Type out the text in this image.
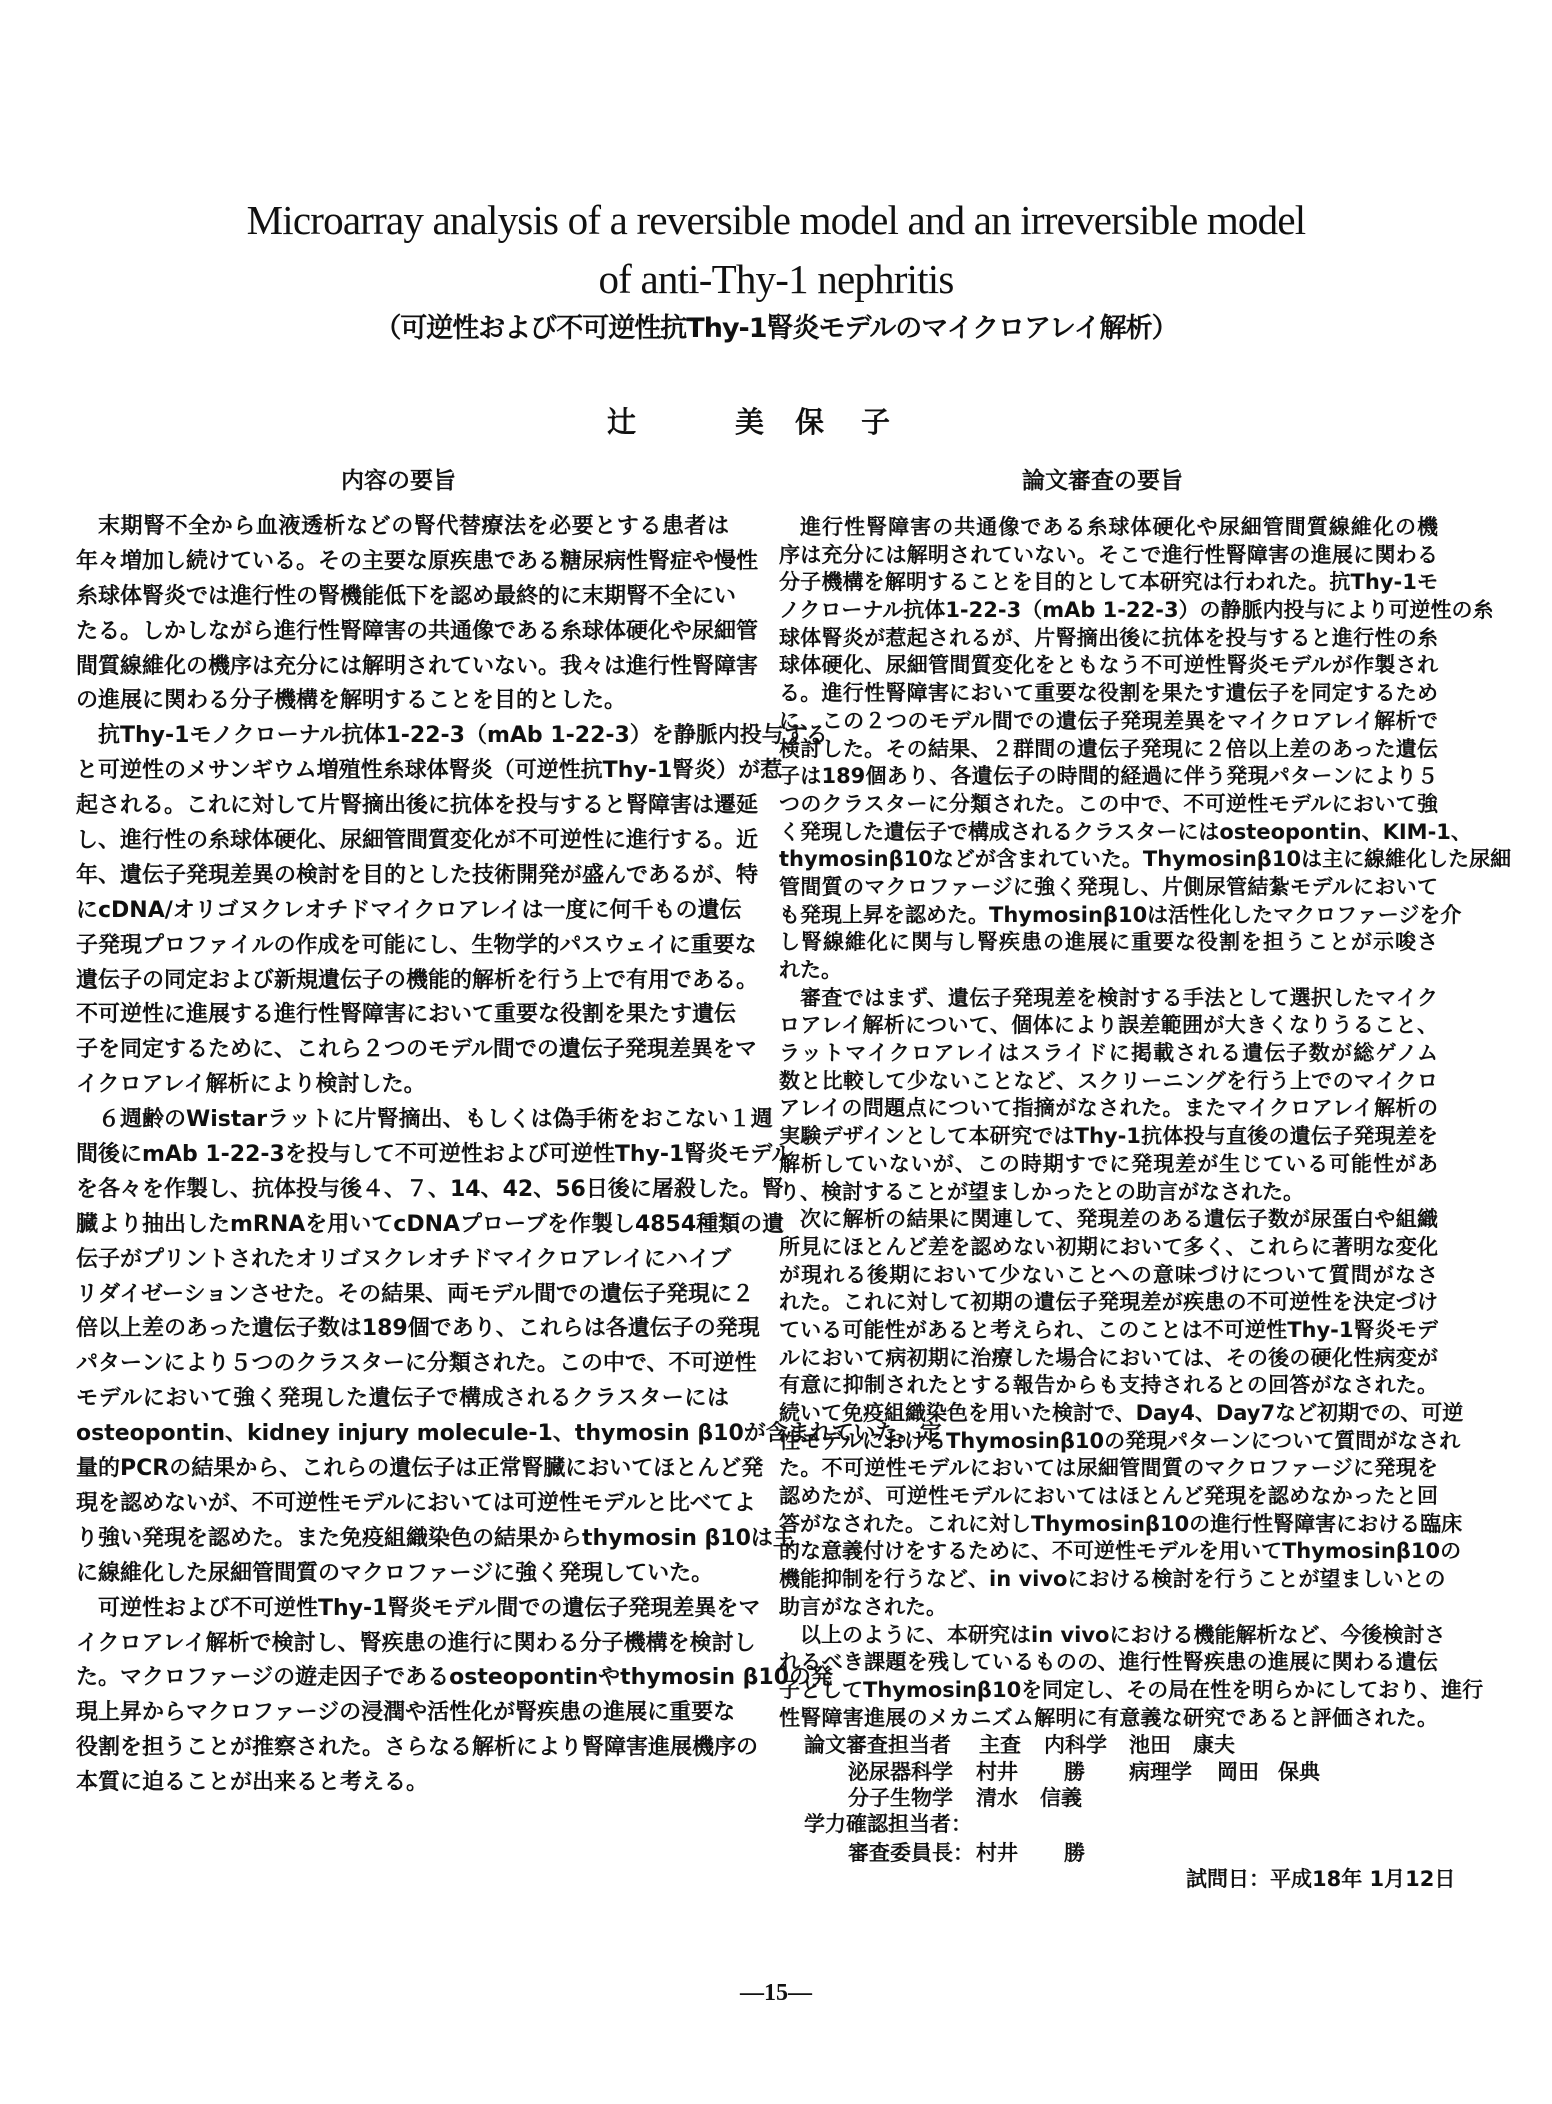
Microarray analysis of a reversible model and an irreversible model
of anti-Thy-1 nephritis
（可逆性および不可逆性抗Thy-1腎炎モデルのマイクロアレイ解析）
辻	美 保 子
内容の要旨	論文審査の要旨
末期腎不全から血液透析などの腎代替療法を必要とする患者は
年々増加し続けている。その主要な原疾患である糖尿病性腎症や慢性
糸球体腎炎では進行性の腎機能低下を認め最終的に末期腎不全にい
たる。しかしながら進行性腎障害の共通像である糸球体硬化や尿細管
間質線維化の機序は充分には解明されていない。我々は進行性腎障害
の進展に関わる分子機構を解明することを目的とした。
抗Thy-1モノクローナル抗体1-22-3（mAb 1-22-3）を静脈内投与する
と可逆性のメサンギウム増殖性糸球体腎炎（可逆性抗Thy-1腎炎）が惹
起される。これに対して片腎摘出後に抗体を投与すると腎障害は遷延
し、進行性の糸球体硬化、尿細管間質変化が不可逆性に進行する。近
年、遺伝子発現差異の検討を目的とした技術開発が盛んであるが、特
にcDNA/オリゴヌクレオチドマイクロアレイは一度に何千もの遺伝
子発現プロファイルの作成を可能にし、生物学的パスウェイに重要な
遺伝子の同定および新規遺伝子の機能的解析を行う上で有用である。
不可逆性に進展する進行性腎障害において重要な役割を果たす遺伝
子を同定するために、これら２つのモデル間での遺伝子発現差異をマ
イクロアレイ解析により検討した。
６週齢のWistarラットに片腎摘出、もしくは偽手術をおこない１週
間後にmAb 1-22-3を投与して不可逆性および可逆性Thy-1腎炎モデル
を各々を作製し、抗体投与後４、７、14、42、56日後に屠殺した。腎
臓より抽出したmRNAを用いてcDNAプローブを作製し4854種類の遺
伝子がプリントされたオリゴヌクレオチドマイクロアレイにハイブ
リダイゼーションさせた。その結果、両モデル間での遺伝子発現に２
倍以上差のあった遺伝子数は189個であり、これらは各遺伝子の発現
パターンにより５つのクラスターに分類された。この中で、不可逆性
モデルにおいて強く発現した遺伝子で構成されるクラスターには
osteopontin、kidney injury molecule-1、thymosin β10が含まれていた。定
量的PCRの結果から、これらの遺伝子は正常腎臓においてほとんど発
現を認めないが、不可逆性モデルにおいては可逆性モデルと比べてよ
り強い発現を認めた。また免疫組織染色の結果からthymosin β10は主
に線維化した尿細管間質のマクロファージに強く発現していた。
可逆性および不可逆性Thy-1腎炎モデル間での遺伝子発現差異をマ
イクロアレイ解析で検討し、腎疾患の進行に関わる分子機構を検討し
た。マクロファージの遊走因子であるosteopontinやthymosin β10の発
現上昇からマクロファージの浸潤や活性化が腎疾患の進展に重要な
役割を担うことが推察された。さらなる解析により腎障害進展機序の
本質に迫ることが出来ると考える。
進行性腎障害の共通像である糸球体硬化や尿細管間質線維化の機
序は充分には解明されていない。そこで進行性腎障害の進展に関わる
分子機構を解明することを目的として本研究は行われた。抗Thy-1モ
ノクローナル抗体1-22-3（mAb 1-22-3）の静脈内投与により可逆性の糸
球体腎炎が惹起されるが、片腎摘出後に抗体を投与すると進行性の糸
球体硬化、尿細管間質変化をともなう不可逆性腎炎モデルが作製され
る。進行性腎障害において重要な役割を果たす遺伝子を同定するため
に、この２つのモデル間での遺伝子発現差異をマイクロアレイ解析で
検討した。その結果、２群間の遺伝子発現に２倍以上差のあった遺伝
子は189個あり、各遺伝子の時間的経過に伴う発現パターンにより５
つのクラスターに分類された。この中で、不可逆性モデルにおいて強
く発現した遺伝子で構成されるクラスターにはosteopontin、KIM-1、
thymosinβ10などが含まれていた。Thymosinβ10は主に線維化した尿細
管間質のマクロファージに強く発現し、片側尿管結紮モデルにおいて
も発現上昇を認めた。Thymosinβ10は活性化したマクロファージを介
し腎線維化に関与し腎疾患の進展に重要な役割を担うことが示唆さ
れた。
審査ではまず、遺伝子発現差を検討する手法として選択したマイク
ロアレイ解析について、個体により誤差範囲が大きくなりうること、
ラットマイクロアレイはスライドに掲載される遺伝子数が総ゲノム
数と比較して少ないことなど、スクリーニングを行う上でのマイクロ
アレイの問題点について指摘がなされた。またマイクロアレイ解析の
実験デザインとして本研究ではThy-1抗体投与直後の遺伝子発現差を
解析していないが、この時期すでに発現差が生じている可能性があ
り、検討することが望ましかったとの助言がなされた。
次に解析の結果に関連して、発現差のある遺伝子数が尿蛋白や組織
所見にほとんど差を認めない初期において多く、これらに著明な変化
が現れる後期において少ないことへの意味づけについて質問がなさ
れた。これに対して初期の遺伝子発現差が疾患の不可逆性を決定づけ
ている可能性があると考えられ、このことは不可逆性Thy-1腎炎モデ
ルにおいて病初期に治療した場合においては、その後の硬化性病変が
有意に抑制されたとする報告からも支持されるとの回答がなされた。
続いて免疫組織染色を用いた検討で、Day4、Day7など初期での、可逆
性モデルにおけるThymosinβ10の発現パターンについて質問がなされ
た。不可逆性モデルにおいては尿細管間質のマクロファージに発現を
認めたが、可逆性モデルにおいてはほとんど発現を認めなかったと回
答がなされた。これに対しThymosinβ10の進行性腎障害における臨床
的な意義付けをするために、不可逆性モデルを用いてThymosinβ10の
機能抑制を行うなど、in vivoにおける検討を行うことが望ましいとの
助言がなされた。
以上のように、本研究はin vivoにおける機能解析など、今後検討さ
れるべき課題を残しているものの、進行性腎疾患の進展に関わる遺伝
子としてThymosinβ10を同定し、その局在性を明らかにしており、進行
性腎障害進展のメカニズム解明に有意義な研究であると評価された。
論文審査担当者 主査 内科学 池田 康夫
泌尿器科学 村井 勝 病理学 岡田 保典
分子生物学 清水 信義
学力確認担当者：
審査委員長： 村井 勝
試問日：平成18年 1月12日
—15—
